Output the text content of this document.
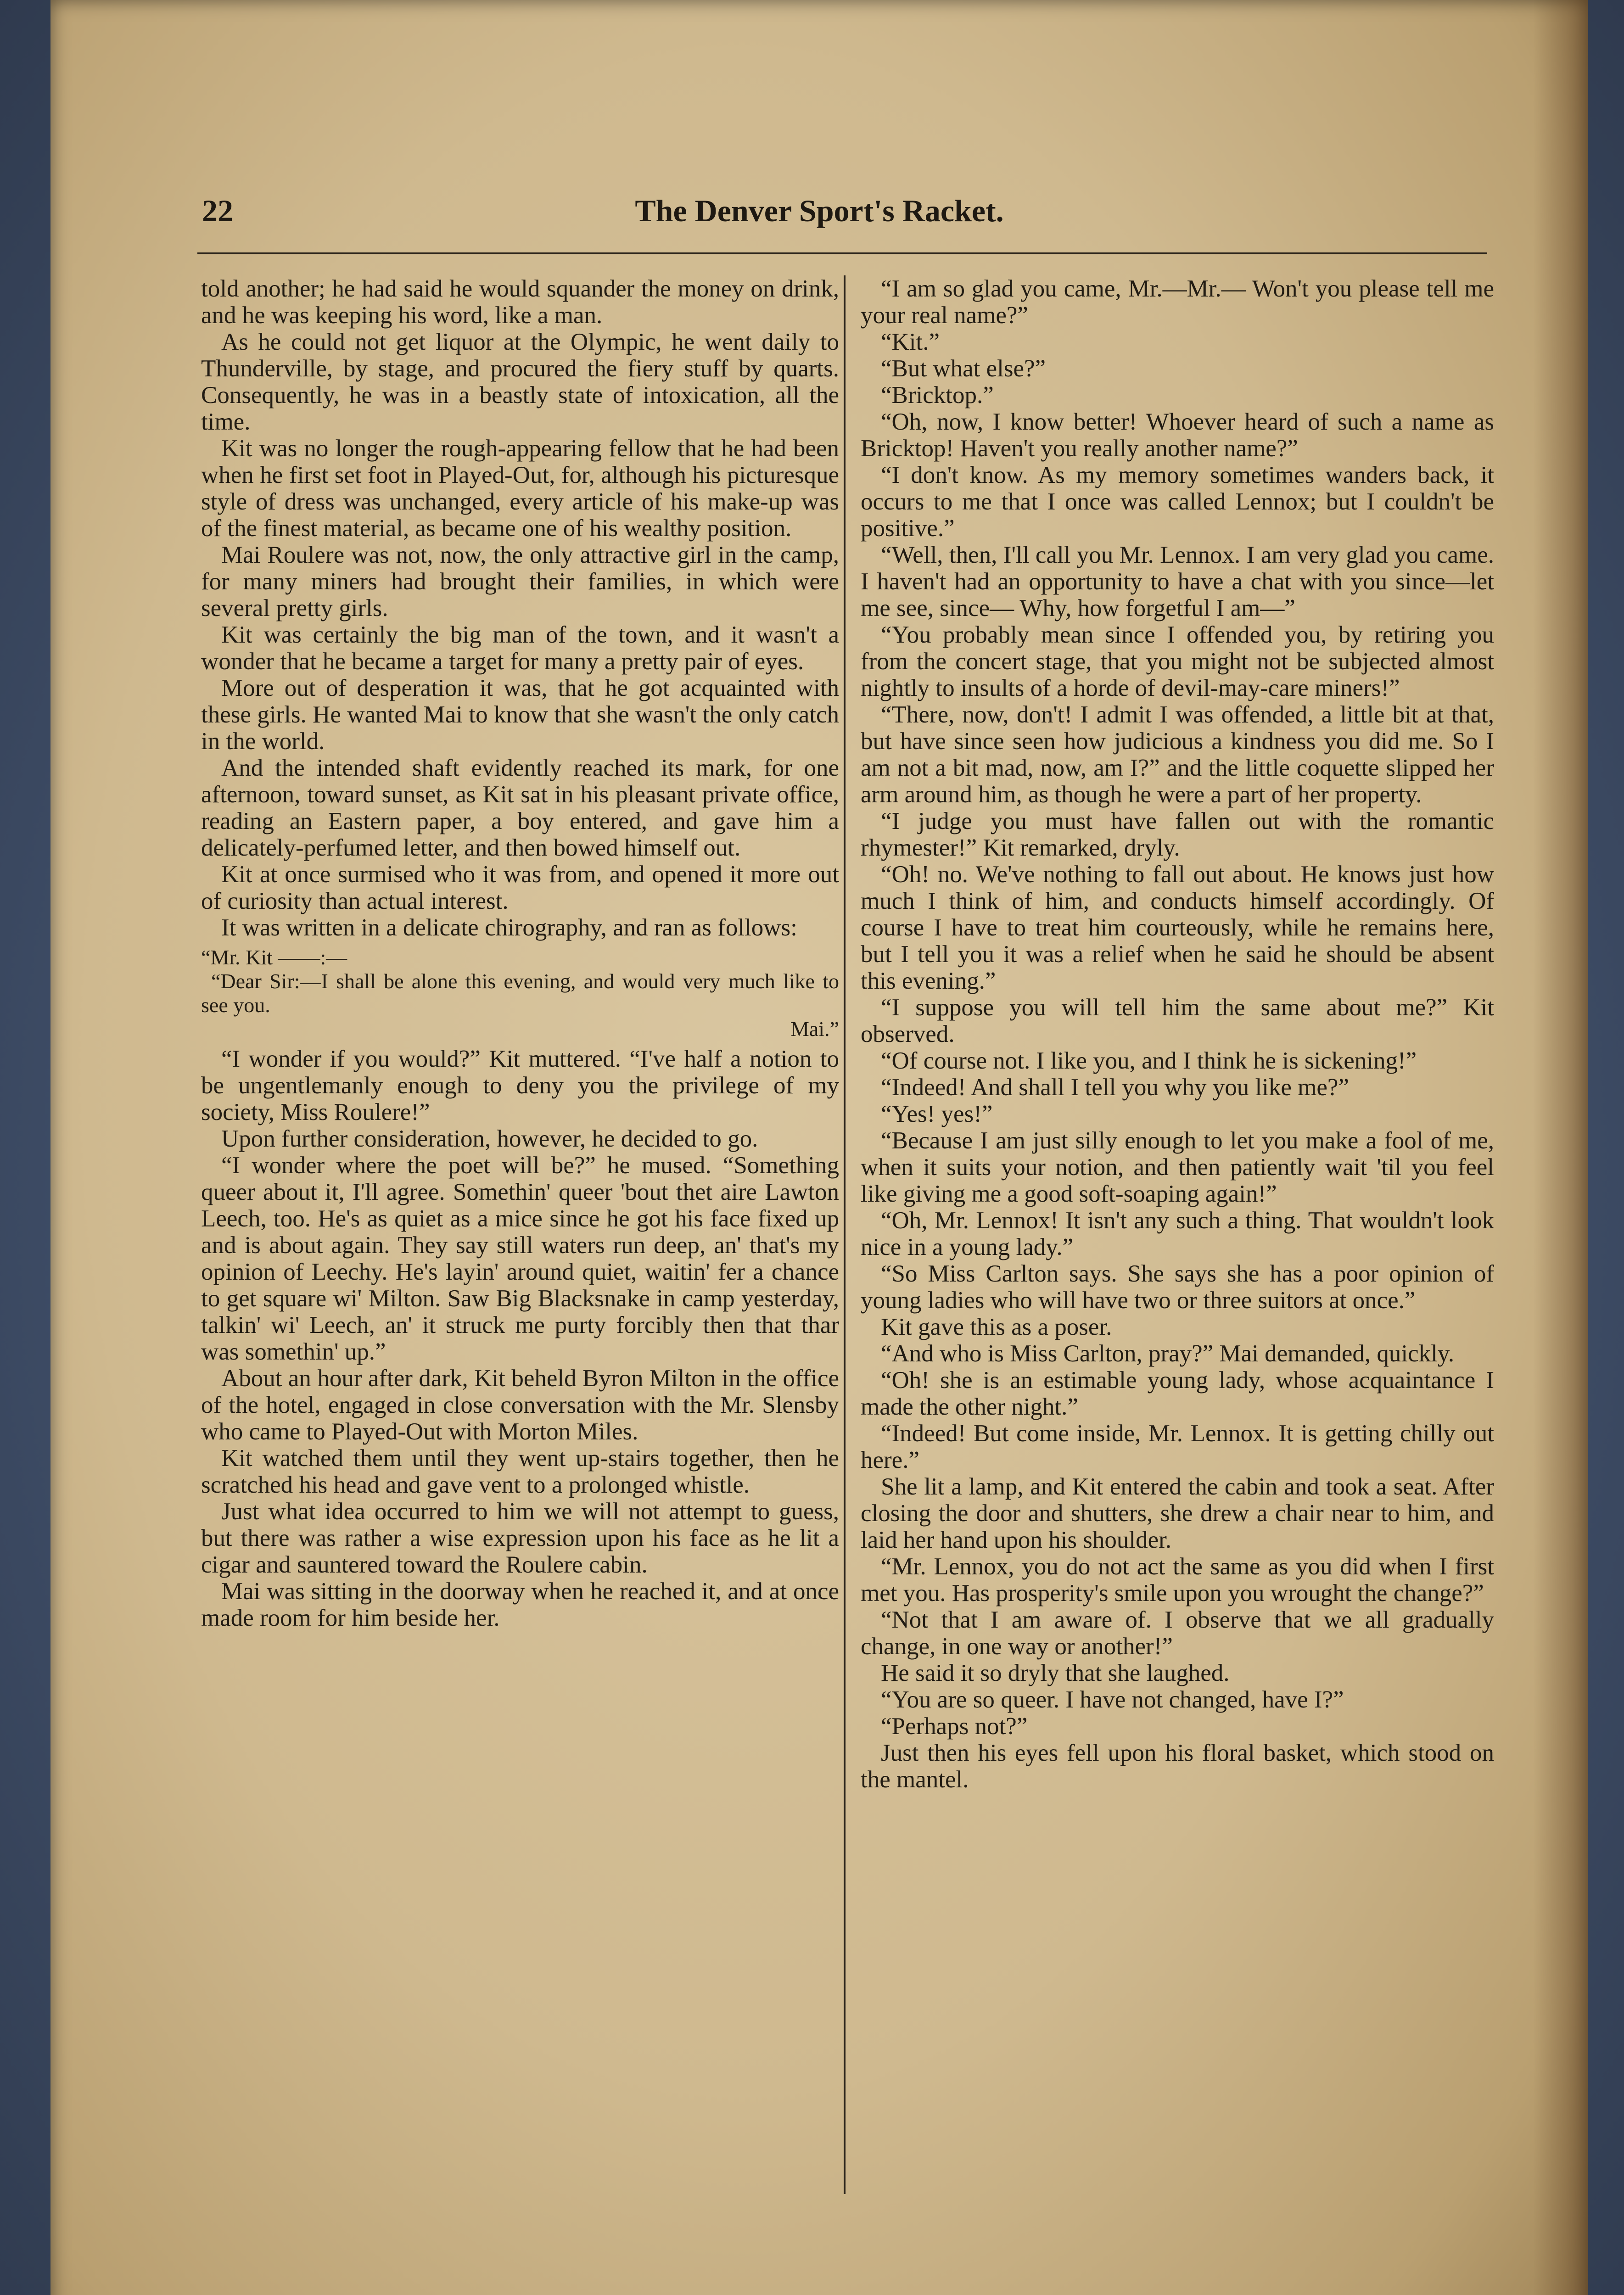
22	The Denver Sport's Racket.

told another; he had said he would squander the money on drink, and he was keeping his word, like a man.

As he could not get liquor at the Olympic, he went daily to Thunderville, by stage, and procured the fiery stuff by quarts. Consequently, he was in a beastly state of intoxication, all the time.

Kit was no longer the rough-appearing fellow that he had been when he first set foot in Played-Out, for, although his picturesque style of dress was unchanged, every article of his make-up was of the finest material, as became one of his wealthy position.

Mai Roulere was not, now, the only attractive girl in the camp, for many miners had brought their families, in which were several pretty girls.

Kit was certainly the big man of the town, and it wasn't a wonder that he became a target for many a pretty pair of eyes.

More out of desperation it was, that he got acquainted with these girls. He wanted Mai to know that she wasn't the only catch in the world.

And the intended shaft evidently reached its mark, for one afternoon, toward sunset, as Kit sat in his pleasant private office, reading an Eastern paper, a boy entered, and gave him a delicately-perfumed letter, and then bowed himself out.

Kit at once surmised who it was from, and opened it more out of curiosity than actual interest.

It was written in a delicate chirography, and ran as follows:

“Mr. Kit ——:—

“Dear Sir:—I shall be alone this evening, and would very much like to see you.

Mai.”

“I wonder if you would?” Kit muttered. “I've half a notion to be ungentlemanly enough to deny you the privilege of my society, Miss Roulere!”

Upon further consideration, however, he decided to go.

“I wonder where the poet will be?” he mused. “Something queer about it, I'll agree. Somethin' queer 'bout thet aire Lawton Leech, too. He's as quiet as a mice since he got his face fixed up and is about again. They say still waters run deep, an' that's my opinion of Leechy. He's layin' around quiet, waitin' fer a chance to get square wi' Milton. Saw Big Blacksnake in camp yesterday, talkin' wi' Leech, an' it struck me purty forcibly then that thar was somethin' up.”

About an hour after dark, Kit beheld Byron Milton in the office of the hotel, engaged in close conversation with the Mr. Slensby who came to Played-Out with Morton Miles.

Kit watched them until they went up-stairs together, then he scratched his head and gave vent to a prolonged whistle.

Just what idea occurred to him we will not attempt to guess, but there was rather a wise expression upon his face as he lit a cigar and sauntered toward the Roulere cabin.

Mai was sitting in the doorway when he reached it, and at once made room for him beside her.

“I am so glad you came, Mr.—Mr.— Won't you please tell me your real name?”

“Kit.”

“But what else?”

“Bricktop.”

“Oh, now, I know better! Whoever heard of such a name as Bricktop! Haven't you really another name?”

“I don't know. As my memory sometimes wanders back, it occurs to me that I once was called Lennox; but I couldn't be positive.”

“Well, then, I'll call you Mr. Lennox. I am very glad you came. I haven't had an opportunity to have a chat with you since—let me see, since— Why, how forgetful I am—”

“You probably mean since I offended you, by retiring you from the concert stage, that you might not be subjected almost nightly to insults of a horde of devil-may-care miners!”

“There, now, don't! I admit I was offended, a little bit at that, but have since seen how judicious a kindness you did me. So I am not a bit mad, now, am I?” and the little coquette slipped her arm around him, as though he were a part of her property.

“I judge you must have fallen out with the romantic rhymester!” Kit remarked, dryly.

“Oh! no. We've nothing to fall out about. He knows just how much I think of him, and conducts himself accordingly. Of course I have to treat him courteously, while he remains here, but I tell you it was a relief when he said he should be absent this evening.”

“I suppose you will tell him the same about me?” Kit observed.

“Of course not. I like you, and I think he is sickening!”

“Indeed! And shall I tell you why you like me?”

“Yes! yes!”

“Because I am just silly enough to let you make a fool of me, when it suits your notion, and then patiently wait 'til you feel like giving me a good soft-soaping again!”

“Oh, Mr. Lennox! It isn't any such a thing. That wouldn't look nice in a young lady.”

“So Miss Carlton says. She says she has a poor opinion of young ladies who will have two or three suitors at once.”

Kit gave this as a poser.

“And who is Miss Carlton, pray?” Mai demanded, quickly.

“Oh! she is an estimable young lady, whose acquaintance I made the other night.”

“Indeed! But come inside, Mr. Lennox. It is getting chilly out here.”

She lit a lamp, and Kit entered the cabin and took a seat. After closing the door and shutters, she drew a chair near to him, and laid her hand upon his shoulder.

“Mr. Lennox, you do not act the same as you did when I first met you. Has prosperity's smile upon you wrought the change?”

“Not that I am aware of. I observe that we all gradually change, in one way or another!”

He said it so dryly that she laughed.

“You are so queer. I have not changed, have I?”

“Perhaps not?”

Just then his eyes fell upon his floral basket, which stood on the mantel.
